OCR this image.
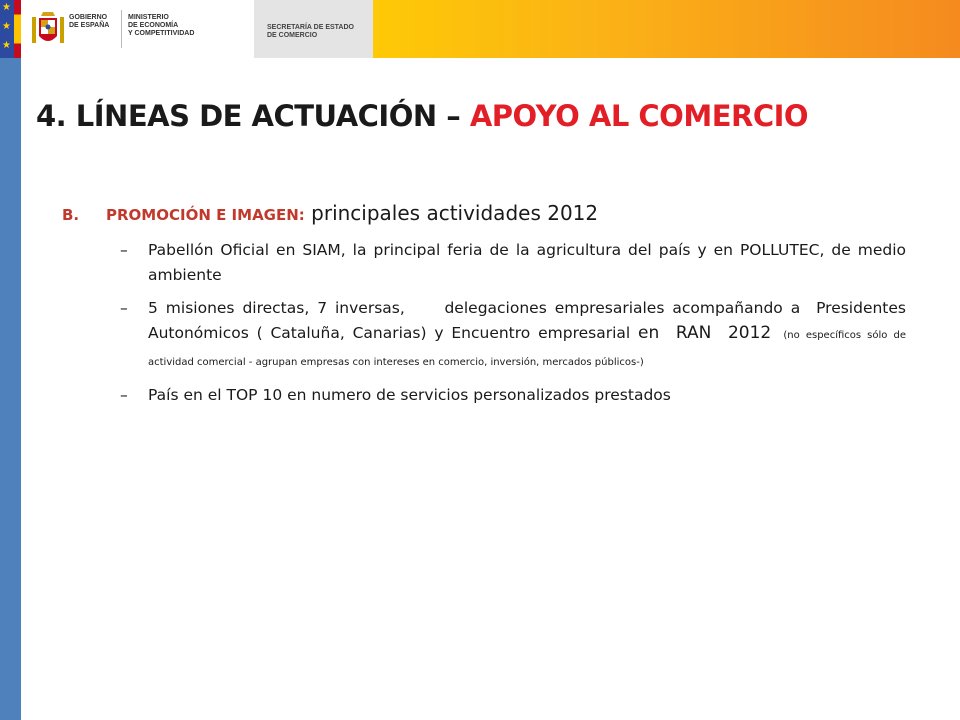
★
★
★
GOBIERNO
DE ESPAÑA
MINISTERIO
DE ECONOMÍA
Y COMPETITIVIDAD
SECRETARÍA DE ESTADO
DE COMERCIO
4. LÍNEAS DE ACTUACIÓN – APOYO AL COMERCIO
B. PROMOCIÓN E IMAGEN: principales actividades 2012
– Pabellón Oficial en SIAM, la principal feria de la agricultura del país y en POLLUTEC, de medio ambiente
– 5 misiones directas, 7 inversas,     delegaciones empresariales acompañando a  Presidentes  Autonómicos ( Cataluña, Canarias) y Encuentro empresarial en  RAN  2012  (no específicos sólo de actividad comercial - agrupan empresas con intereses en comercio, inversión, mercados públicos-)
– País en el TOP 10 en numero de servicios personalizados prestados
